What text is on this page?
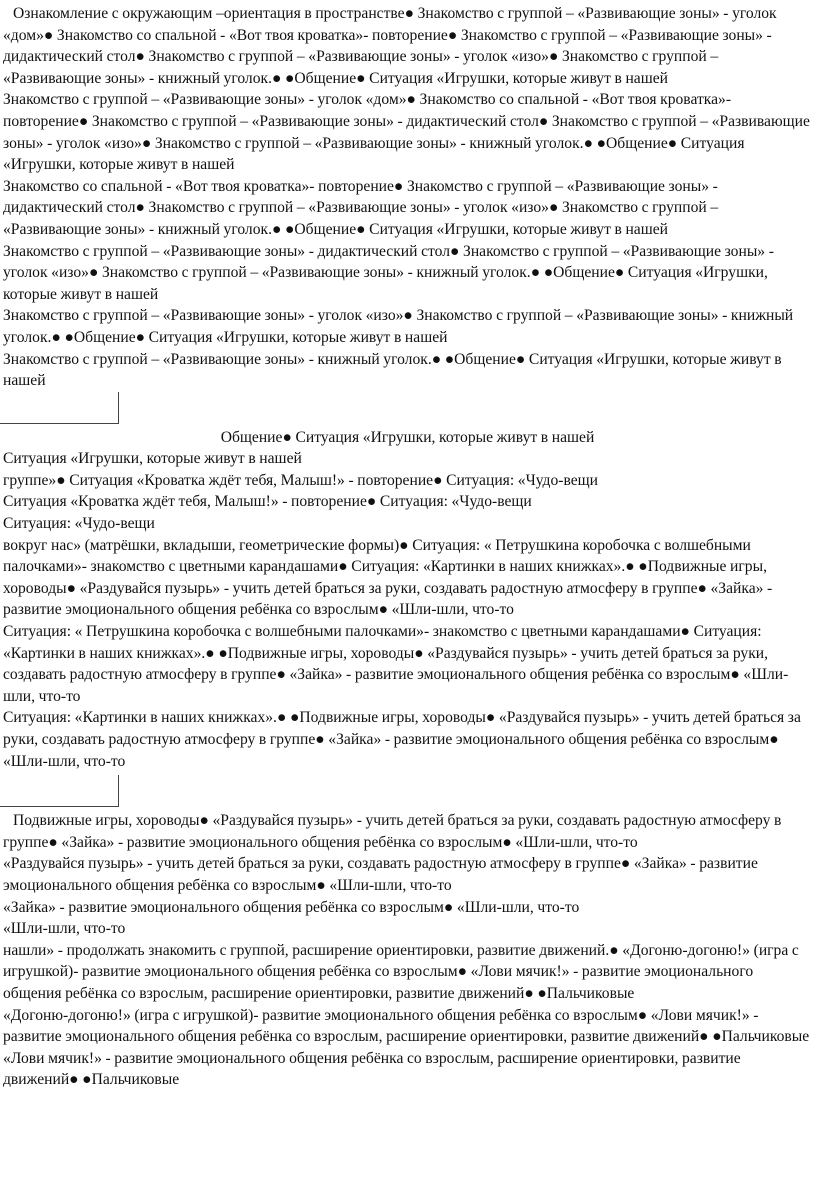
Ознакомление с окружающим –ориентация в пространстве● Знакомство с группой – «Развивающие зоны» - уголок «дом»● Знакомство со спальной - «Вот твоя кроватка»- повторение● Знакомство с группой – «Развивающие зоны» - дидактический стол● Знакомство с группой – «Развивающие зоны» - уголок «изо»● Знакомство с группой – «Развивающие зоны» - книжный уголок.● ●Общение● Ситуация «Игрушки, которые живут в нашей

Знакомство с группой – «Развивающие зоны» - уголок «дом»● Знакомство со спальной - «Вот твоя кроватка»- повторение● Знакомство с группой – «Развивающие зоны» - дидактический стол● Знакомство с группой – «Развивающие зоны» - уголок «изо»● Знакомство с группой – «Развивающие зоны» - книжный уголок.● ●Общение● Ситуация «Игрушки, которые живут в нашей

Знакомство со спальной - «Вот твоя кроватка»- повторение● Знакомство с группой – «Развивающие зоны» - дидактический стол● Знакомство с группой – «Развивающие зоны» - уголок «изо»● Знакомство с группой – «Развивающие зоны» - книжный уголок.● ●Общение● Ситуация «Игрушки, которые живут в нашей

Знакомство с группой – «Развивающие зоны» - дидактический стол● Знакомство с группой – «Развивающие зоны» - уголок «изо»● Знакомство с группой – «Развивающие зоны» - книжный уголок.● ●Общение● Ситуация «Игрушки, которые живут в нашей

Знакомство с группой – «Развивающие зоны» - уголок «изо»● Знакомство с группой – «Развивающие зоны» - книжный уголок.● ●Общение● Ситуация «Игрушки, которые живут в нашей

Знакомство с группой – «Развивающие зоны» - книжный уголок.● ●Общение● Ситуация «Игрушки, которые живут в нашей

Общение● Ситуация «Игрушки, которые живут в нашей

Ситуация «Игрушки, которые живут в нашей

группе»● Ситуация «Кроватка ждёт тебя, Малыш!» - повторение● Ситуация: «Чудо-вещи

Ситуация «Кроватка ждёт тебя, Малыш!» - повторение● Ситуация: «Чудо-вещи

Ситуация: «Чудо-вещи

вокруг нас» (матрёшки, вкладыши, геометрические формы)● Ситуация: « Петрушкина коробочка с волшебными палочками»- знакомство с цветными карандашами● Ситуация: «Картинки в наших книжках».● ●Подвижные игры, хороводы● «Раздувайся пузырь» - учить детей браться за руки, создавать радостную атмосферу в группе● «Зайка» - развитие эмоционального общения ребёнка со взрослым● «Шли-шли, что-то

Ситуация: « Петрушкина коробочка с волшебными палочками»- знакомство с цветными карандашами● Ситуация: «Картинки в наших книжках».● ●Подвижные игры, хороводы● «Раздувайся пузырь» - учить детей браться за руки, создавать радостную атмосферу в группе● «Зайка» - развитие эмоционального общения ребёнка со взрослым● «Шли-шли, что-то

Ситуация: «Картинки в наших книжках».● ●Подвижные игры, хороводы● «Раздувайся пузырь» - учить детей браться за руки, создавать радостную атмосферу в группе● «Зайка» - развитие эмоционального общения ребёнка со взрослым● «Шли-шли, что-то

Подвижные игры, хороводы● «Раздувайся пузырь» - учить детей браться за руки, создавать радостную атмосферу в группе● «Зайка» - развитие эмоционального общения ребёнка со взрослым● «Шли-шли, что-то

«Раздувайся пузырь» - учить детей браться за руки, создавать радостную атмосферу в группе● «Зайка» - развитие эмоционального общения ребёнка со взрослым● «Шли-шли, что-то

«Зайка» - развитие эмоционального общения ребёнка со взрослым● «Шли-шли, что-то

«Шли-шли, что-то

нашли» - продолжать знакомить с группой, расширение ориентировки, развитие движений.● «Догоню-догоню!» (игра с игрушкой)- развитие эмоционального общения ребёнка со взрослым● «Лови мячик!» - развитие эмоционального общения ребёнка со взрослым, расширение ориентировки, развитие движений● ●Пальчиковые

«Догоню-догоню!» (игра с игрушкой)- развитие эмоционального общения ребёнка со взрослым● «Лови мячик!» - развитие эмоционального общения ребёнка со взрослым, расширение ориентировки, развитие движений● ●Пальчиковые

«Лови мячик!» - развитие эмоционального общения ребёнка со взрослым, расширение ориентировки, развитие движений● ●Пальчиковые
